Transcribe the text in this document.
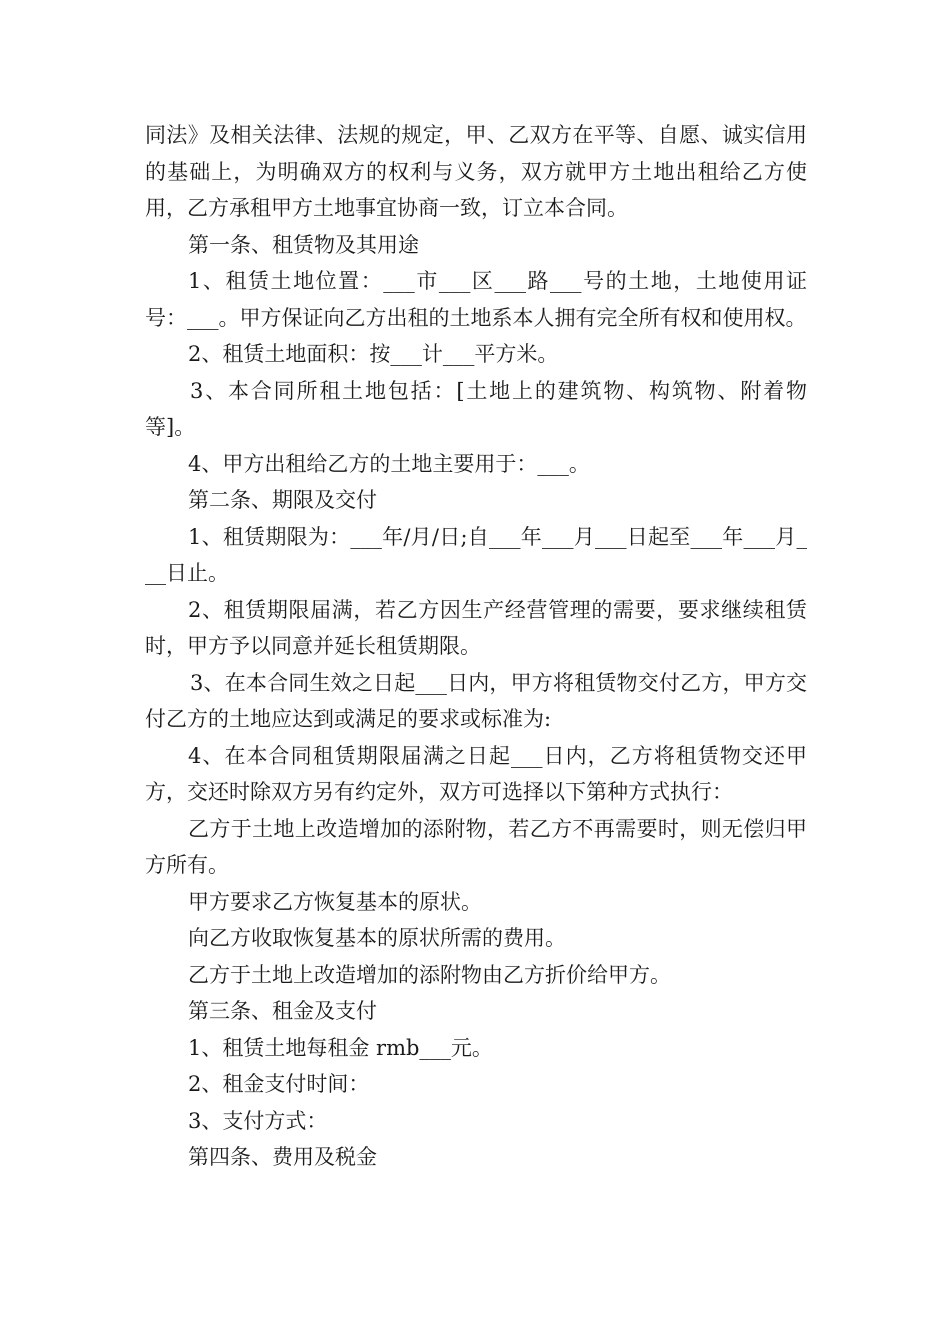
同法》及相关法律、法规的规定，甲、乙双方在平等、自愿、诚实信用的基础上，为明确双方的权利与义务，双方就甲方土地出租给乙方使用，乙方承租甲方土地事宜协商一致，订立本合同。

第一条、租赁物及其用途

1、租赁土地位置：___市___区___路___号的土地，土地使用证号：___。甲方保证向乙方出租的土地系本人拥有完全所有权和使用权。

2、租赁土地面积：按___计___平方米。

3、本合同所租土地包括：[土地上的建筑物、构筑物、附着物等]。

4、甲方出租给乙方的土地主要用于：___。

第二条、期限及交付

1、租赁期限为：___年/月/日;自___年___月___日起至___年___月___日止。

2、租赁期限届满，若乙方因生产经营管理的需要，要求继续租赁时，甲方予以同意并延长租赁期限。

3、在本合同生效之日起___日内，甲方将租赁物交付乙方，甲方交付乙方的土地应达到或满足的要求或标准为:

4、在本合同租赁期限届满之日起___日内，乙方将租赁物交还甲方，交还时除双方另有约定外，双方可选择以下第种方式执行：

乙方于土地上改造增加的添附物，若乙方不再需要时，则无偿归甲方所有。

甲方要求乙方恢复基本的原状。

向乙方收取恢复基本的原状所需的费用。

乙方于土地上改造增加的添附物由乙方折价给甲方。

第三条、租金及支付

1、租赁土地每租金 rmb___元。

2、租金支付时间：

3、支付方式：

第四条、费用及税金
